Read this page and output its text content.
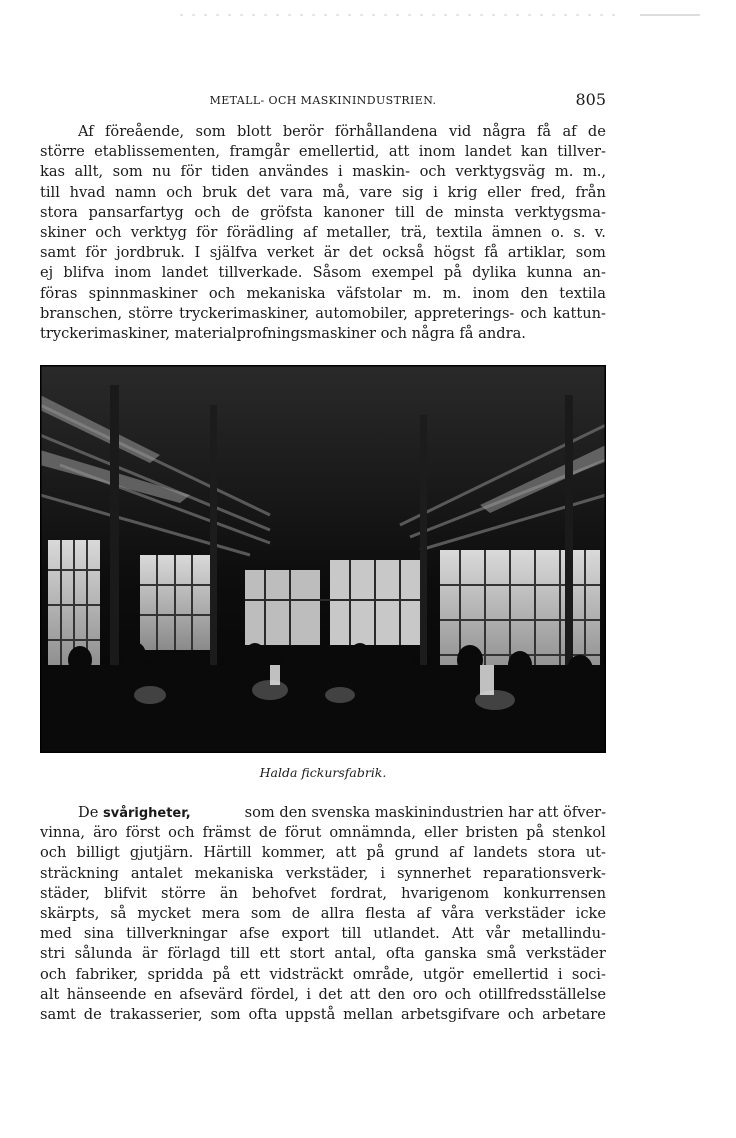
METALL- OCH MASKININDUSTRIEN.	805
Af föreående, som blott berör förhållandena vid några få af de
större etablissementen, framgår emellertid, att inom landet kan tillver-
kas allt, som nu för tiden användes i maskin- och verktygsväg m. m.,
till hvad namn och bruk det vara må, vare sig i krig eller fred, från
stora pansarfartyg och de gröfsta kanoner till de minsta verktygsma-
skiner och verktyg för förädling af metaller, trä, textila ämnen o. s. v.
samt för jordbruk. I själfva verket är det också högst få artiklar, som
ej blifva inom landet tillverkade. Såsom exempel på dylika kunna an-
föras spinnmaskiner och mekaniska väfstolar m. m. inom den textila
branschen, större tryckerimaskiner, automobiler, appreterings- och kattun-
tryckerimaskiner, materialprofningsmaskiner och några få andra.
Halda fickursfabrik.
De svårigheter,	som den svenska maskinindustrien har att öfver-
vinna, äro först och främst de förut omnämnda, eller bristen på stenkol
och billigt gjutjärn. Härtill kommer, att på grund af landets stora ut-
sträckning antalet mekaniska verkstäder, i synnerhet reparationsverk-
städer, blifvit större än behofvet fordrat, hvarigenom konkurrensen
skärpts, så mycket mera som de allra flesta af våra verkstäder icke
med sina tillverkningar afse export till utlandet. Att vår metallindu-
stri sålunda är förlagd till ett stort antal, ofta ganska små verkstäder
och fabriker, spridda på ett vidsträckt område, utgör emellertid i soci-
alt hänseende en afsevärd fördel, i det att den oro och otillfredsställelse
samt de trakasserier, som ofta uppstå mellan arbetsgifvare och arbetare
